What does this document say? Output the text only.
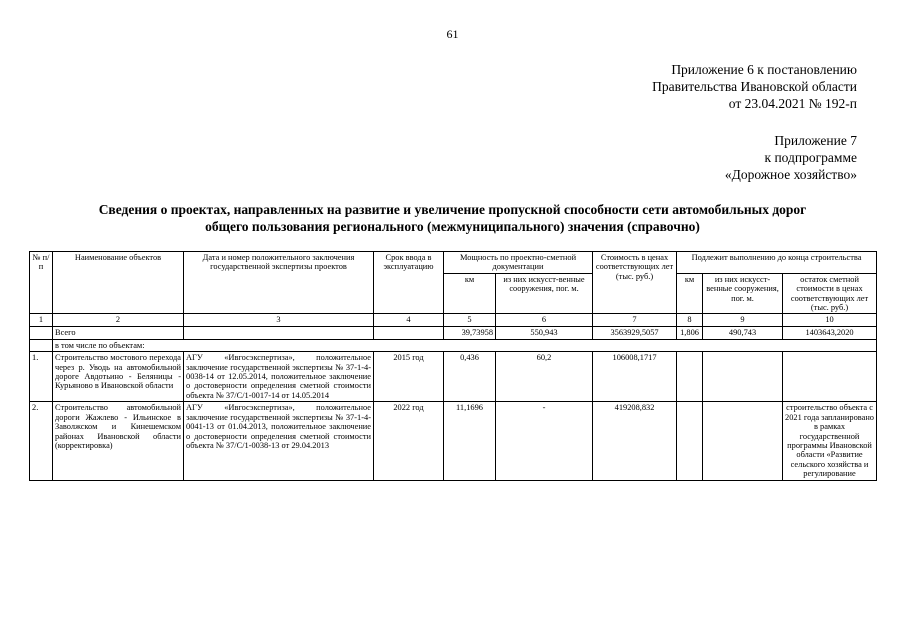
61
Приложение 6 к постановлению
Правительства Ивановской области
от 23.04.2021 № 192-п
Приложение 7
к подпрограмме
«Дорожное хозяйство»
Сведения о проектах, направленных на развитие и увеличение пропускной способности сети автомобильных дорог
общего пользования регионального (межмуниципального) значения (справочно)
№ п/п	Наименование объектов	Дата и номер положительного заключения государственной экспертизы проектов	Срок ввода в эксплуатацию	Мощность по проектно-сметной документации		Стоимость в ценах соответствующих лет (тыс. руб.)	Подлежит выполнению до конца строительства		
				км	из них искусст-венные сооружения, пог. м.		км	из них искусст-венные сооружения, пог. м.	остаток сметной стоимости в ценах соответствующих лет (тыс. руб.)
1	2	3	4	5	6	7	8	9	10
	Всего			39,73958	550,943	3563929,5057	1,806	490,743	1403643,2020
	в том числе по объектам:								
1.	Строительство мостового перехода через р. Уводь на автомобильной дороге Авдотьино - Беляницы - Курьяново в Ивановской области	АГУ «Ивгосэкспертиза», положительное заключение государственной экспертизы № 37-1-4-0038-14 от 12.05.2014, положительное заключение о достоверности определения сметной стоимости объекта № 37/С/1-0017-14 от 14.05.2014	2015 год	0,436	60,2	106008,1717			
2.	Строительство автомобильной дороги Жажлево - Ильинское в Заволжском и Кинешемском районах Ивановской области (корректировка)	АГУ «Ивгосэкспертиза», положительное заключение государственной экспертизы № 37-1-4-0041-13 от 01.04.2013, положительное заключение о достоверности определения сметной стоимости объекта № 37/С/1-0038-13 от 29.04.2013	2022 год	11,1696	-	419208,832			строительство объекта с 2021 года запланировано в рамках государственной программы Ивановской области «Развитие сельского хозяйства и регулирование
